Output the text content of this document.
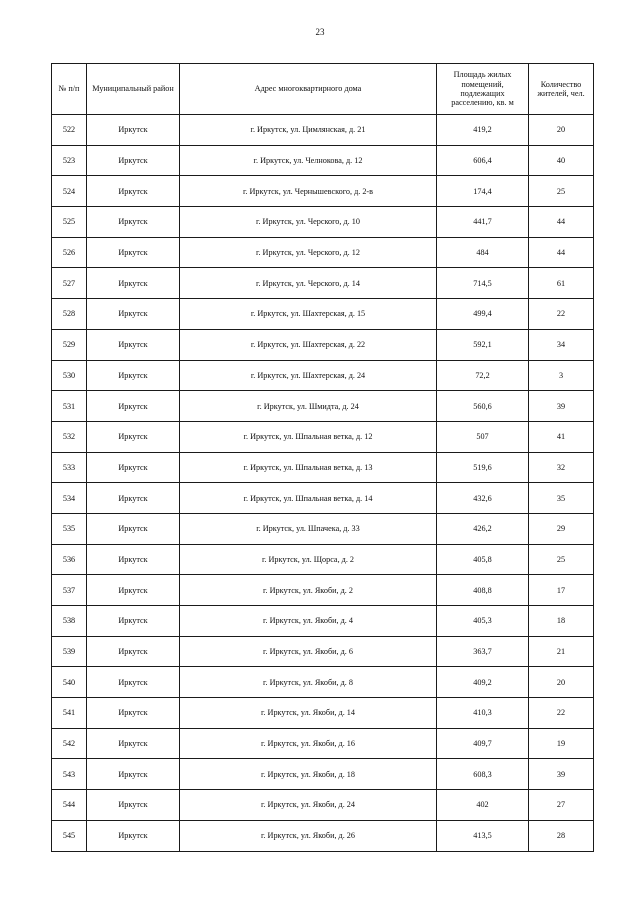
23
№ п/п	Муниципальный район	Адрес многоквартирного дома	Площадь жилых помещений, подлежащих расселению, кв. м	Количество жителей, чел.
522	Иркутск	г. Иркутск, ул. Цимлянская, д. 21	419,2	20
523	Иркутск	г. Иркутск, ул. Челнокова, д. 12	606,4	40
524	Иркутск	г. Иркутск, ул. Чернышевского, д. 2-в	174,4	25
525	Иркутск	г. Иркутск, ул. Черского, д. 10	441,7	44
526	Иркутск	г. Иркутск, ул. Черского, д. 12	484	44
527	Иркутск	г. Иркутск, ул. Черского, д. 14	714,5	61
528	Иркутск	г. Иркутск, ул. Шахтерская, д. 15	499,4	22
529	Иркутск	г. Иркутск, ул. Шахтерская, д. 22	592,1	34
530	Иркутск	г. Иркутск, ул. Шахтерская, д. 24	72,2	3
531	Иркутск	г. Иркутск, ул. Шмидта, д. 24	560,6	39
532	Иркутск	г. Иркутск, ул. Шпальная ветка, д. 12	507	41
533	Иркутск	г. Иркутск, ул. Шпальная ветка, д. 13	519,6	32
534	Иркутск	г. Иркутск, ул. Шпальная ветка, д. 14	432,6	35
535	Иркутск	г. Иркутск, ул. Шпачека, д. 33	426,2	29
536	Иркутск	г. Иркутск, ул. Щорса, д. 2	405,8	25
537	Иркутск	г. Иркутск, ул. Якоби, д. 2	408,8	17
538	Иркутск	г. Иркутск, ул. Якоби, д. 4	405,3	18
539	Иркутск	г. Иркутск, ул. Якоби, д. 6	363,7	21
540	Иркутск	г. Иркутск, ул. Якоби, д. 8	409,2	20
541	Иркутск	г. Иркутск, ул. Якоби, д. 14	410,3	22
542	Иркутск	г. Иркутск, ул. Якоби, д. 16	409,7	19
543	Иркутск	г. Иркутск, ул. Якоби, д. 18	608,3	39
544	Иркутск	г. Иркутск, ул. Якоби, д. 24	402	27
545	Иркутск	г. Иркутск, ул. Якоби, д. 26	413,5	28
